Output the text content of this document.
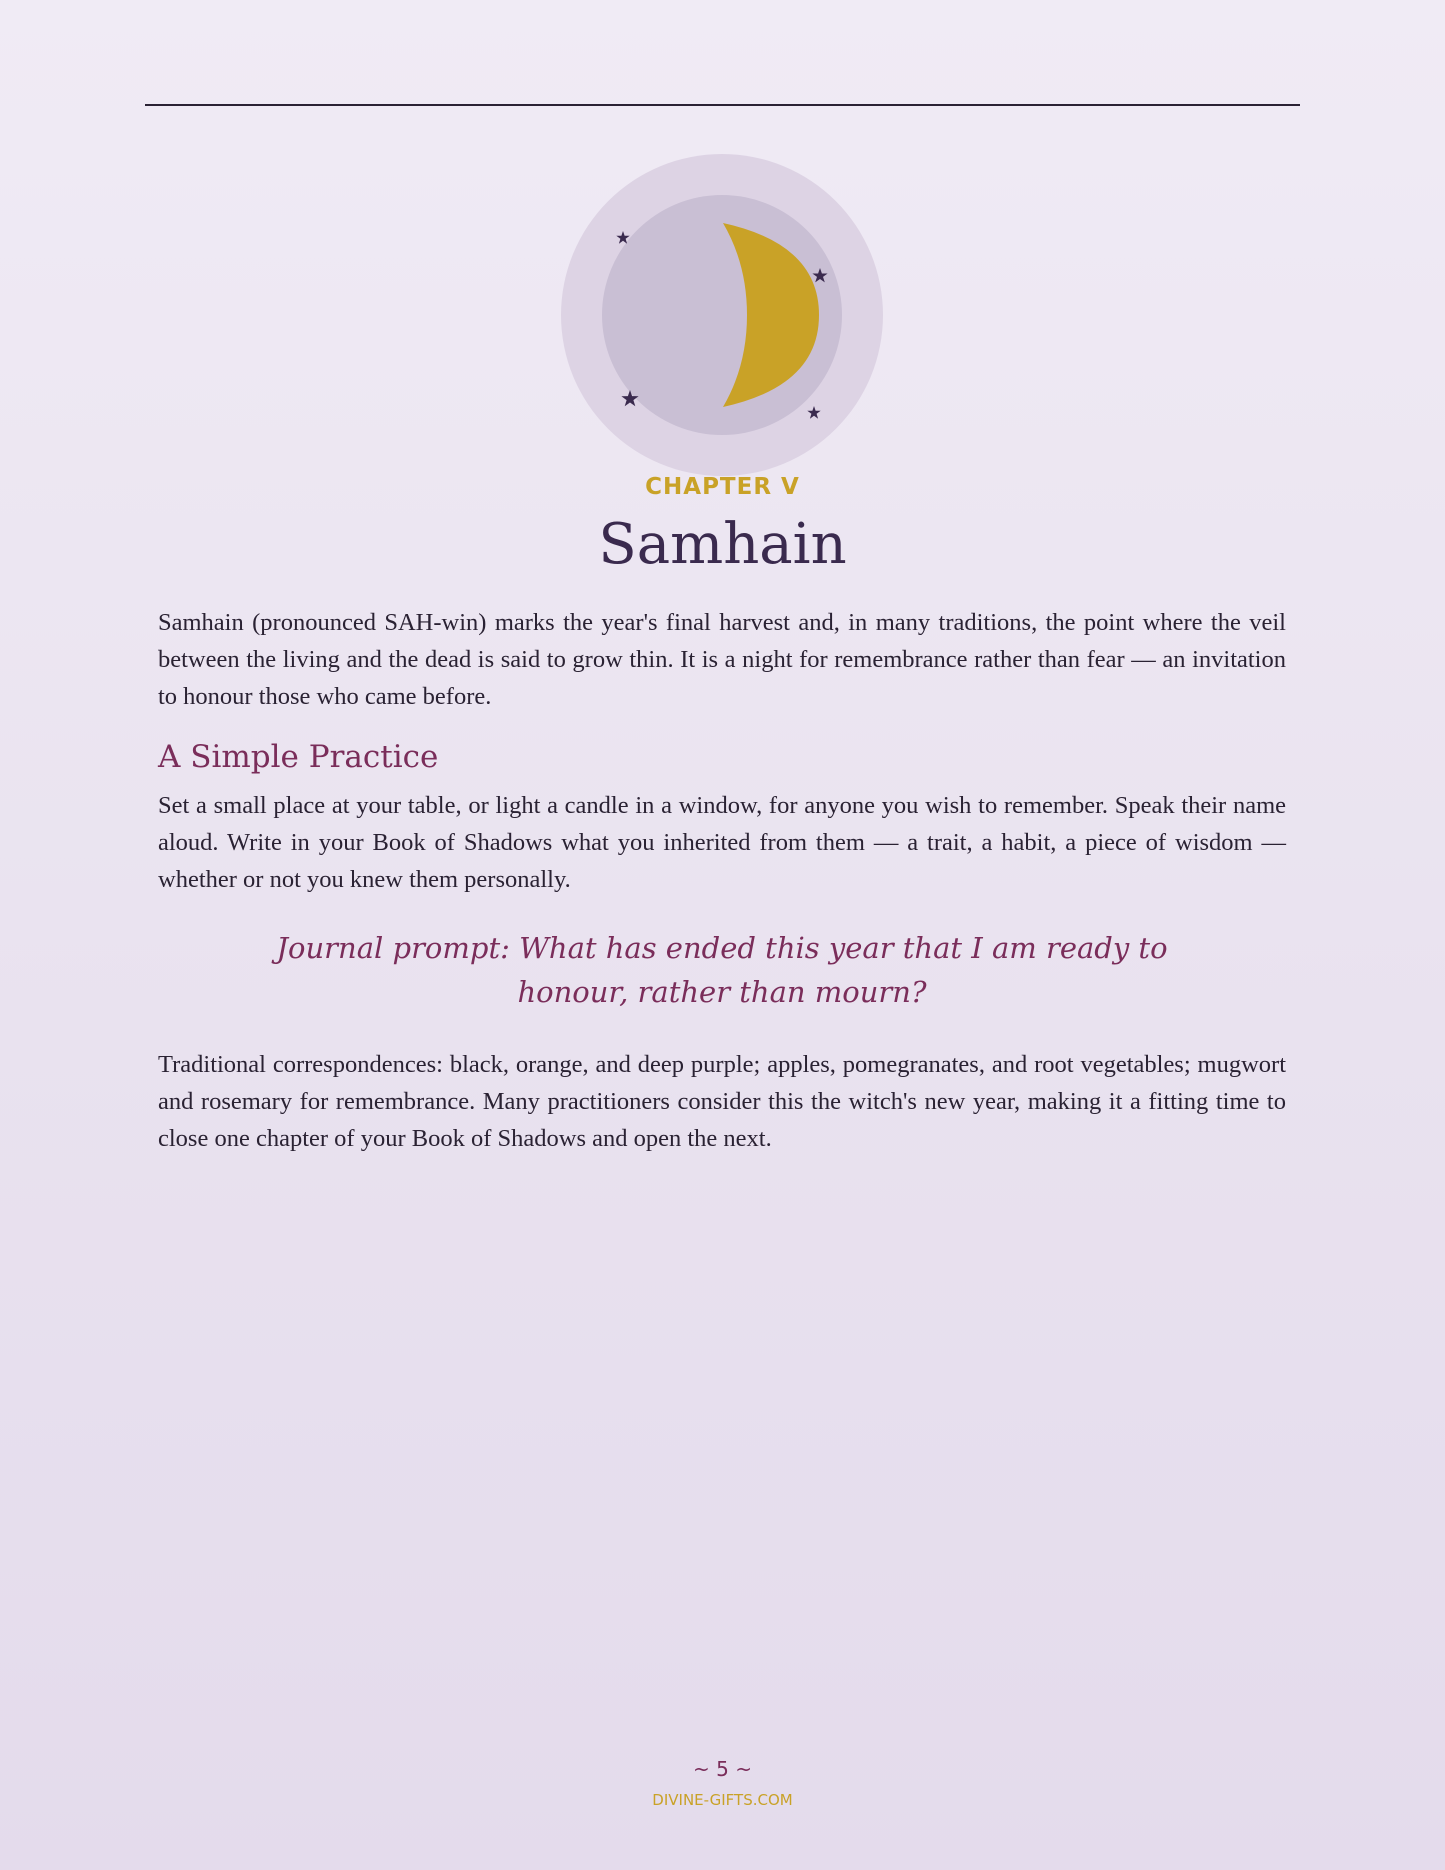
CHAPTER V
Samhain

Samhain (pronounced SAH-win) marks the year's final harvest and, in many traditions, the point where the veil between the living and the dead is said to grow thin. It is a night for remembrance rather than fear — an invitation to honour those who came before.

A Simple Practice

Set a small place at your table, or light a candle in a window, for anyone you wish to remember. Speak their name aloud. Write in your Book of Shadows what you inherited from them — a trait, a habit, a piece of wisdom — whether or not you knew them personally.

Journal prompt: What has ended this year that I am ready to honour, rather than mourn?

Traditional correspondences: black, orange, and deep purple; apples, pomegranates, and root vegetables; mugwort and rosemary for remembrance. Many practitioners consider this the witch's new year, making it a fitting time to close one chapter of your Book of Shadows and open the next.

~ 5 ~
DIVINE-GIFTS.COM
